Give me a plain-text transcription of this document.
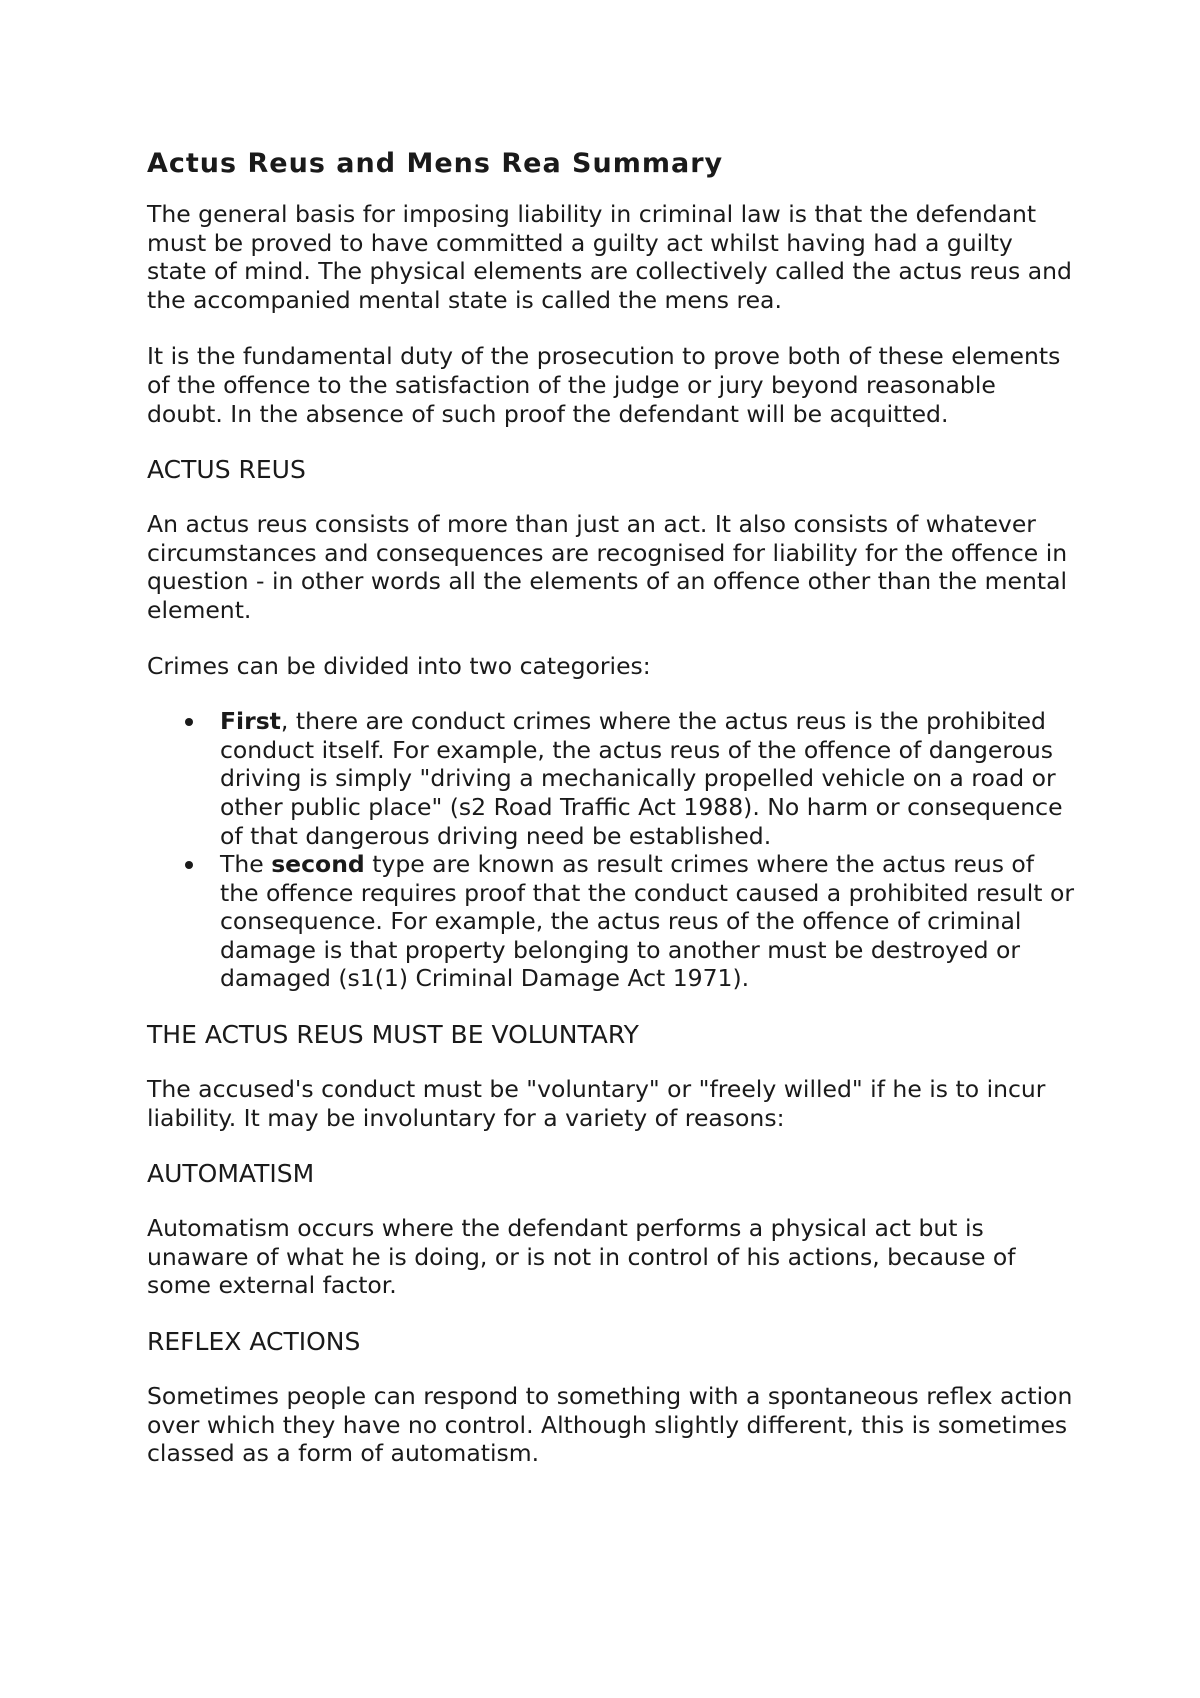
Actus Reus and Mens Rea Summary

The general basis for imposing liability in criminal law is that the defendant must be proved to have committed a guilty act whilst having had a guilty state of mind. The physical elements are collectively called the actus reus and the accompanied mental state is called the mens rea.

It is the fundamental duty of the prosecution to prove both of these elements of the offence to the satisfaction of the judge or jury beyond reasonable doubt. In the absence of such proof the defendant will be acquitted.

ACTUS REUS

An actus reus consists of more than just an act. It also consists of whatever circumstances and consequences are recognised for liability for the offence in question - in other words all the elements of an offence other than the mental element.

Crimes can be divided into two categories:

First, there are conduct crimes where the actus reus is the prohibited conduct itself. For example, the actus reus of the offence of dangerous driving is simply "driving a mechanically propelled vehicle on a road or other public place" (s2 Road Traffic Act 1988). No harm or consequence of that dangerous driving need be established.
The second type are known as result crimes where the actus reus of the offence requires proof that the conduct caused a prohibited result or consequence. For example, the actus reus of the offence of criminal damage is that property belonging to another must be destroyed or damaged (s1(1) Criminal Damage Act 1971).
THE ACTUS REUS MUST BE VOLUNTARY

The accused's conduct must be "voluntary" or "freely willed" if he is to incur liability. It may be involuntary for a variety of reasons:

AUTOMATISM

Automatism occurs where the defendant performs a physical act but is unaware of what he is doing, or is not in control of his actions, because of some external factor.

REFLEX ACTIONS

Sometimes people can respond to something with a spontaneous reflex action over which they have no control. Although slightly different, this is sometimes classed as a form of automatism.
